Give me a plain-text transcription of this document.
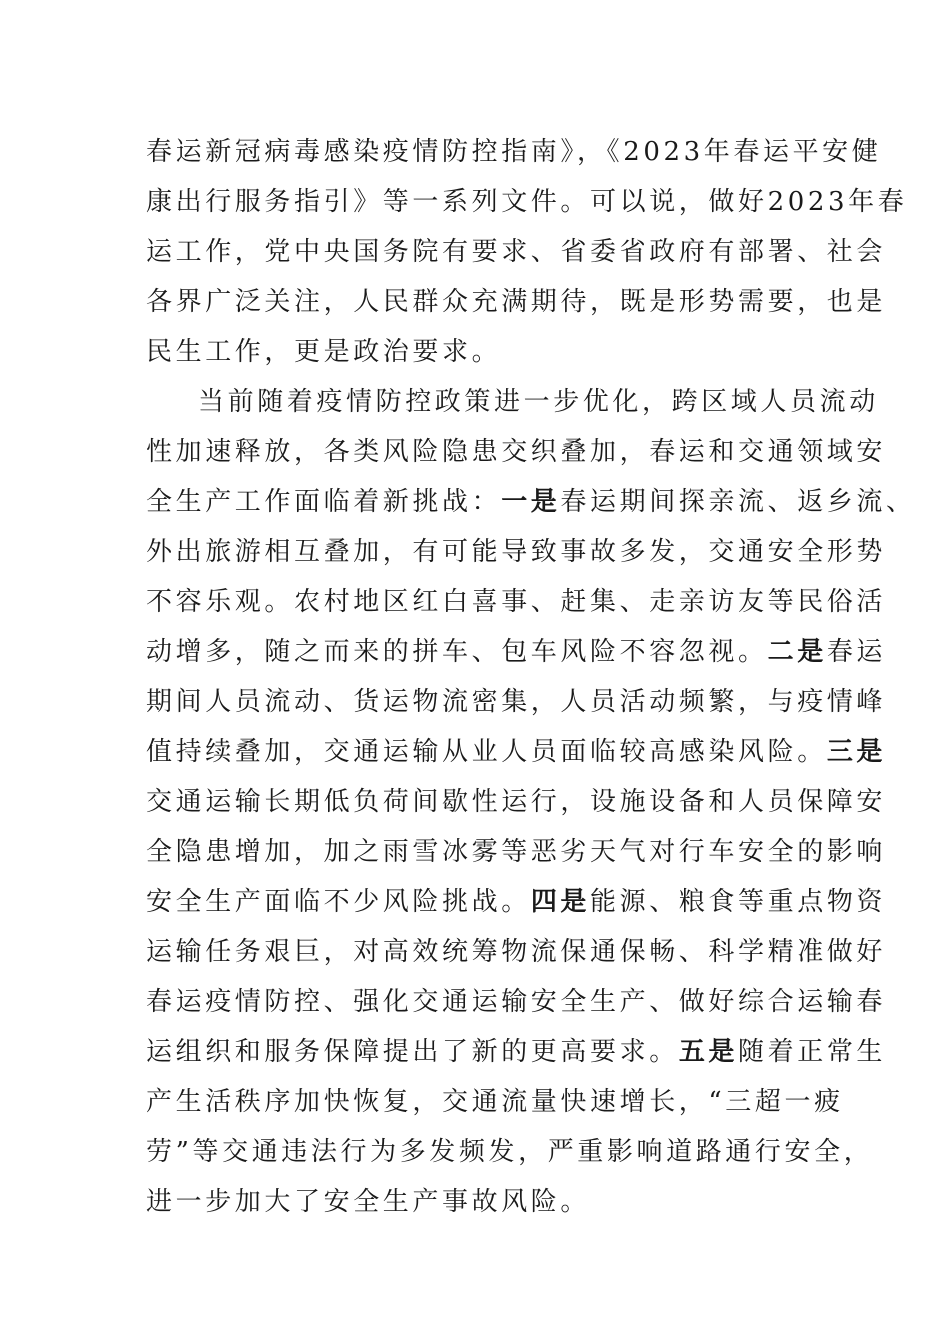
春运新冠病毒感染疫情防控指南》，《2023年春运平安健
康出行服务指引》等一系列文件。可以说，做好2023年春
运工作，党中央国务院有要求、省委省政府有部署、社会
各界广泛关注，人民群众充满期待，既是形势需要，也是
民生工作，更是政治要求。
当前随着疫情防控政策进一步优化，跨区域人员流动
性加速释放，各类风险隐患交织叠加，春运和交通领域安
全生产工作面临着新挑战：一是春运期间探亲流、返乡流、
外出旅游相互叠加，有可能导致事故多发，交通安全形势
不容乐观。农村地区红白喜事、赶集、走亲访友等民俗活
动增多，随之而来的拼车、包车风险不容忽视。二是春运
期间人员流动、货运物流密集，人员活动频繁，与疫情峰
值持续叠加，交通运输从业人员面临较高感染风险。三是
交通运输长期低负荷间歇性运行，设施设备和人员保障安
全隐患增加，加之雨雪冰雾等恶劣天气对行车安全的影响
安全生产面临不少风险挑战。四是能源、粮食等重点物资
运输任务艰巨，对高效统筹物流保通保畅、科学精准做好
春运疫情防控、强化交通运输安全生产、做好综合运输春
运组织和服务保障提出了新的更高要求。五是随着正常生
产生活秩序加快恢复，交通流量快速增长，“三超一疲
劳”等交通违法行为多发频发，严重影响道路通行安全，
进一步加大了安全生产事故风险。
